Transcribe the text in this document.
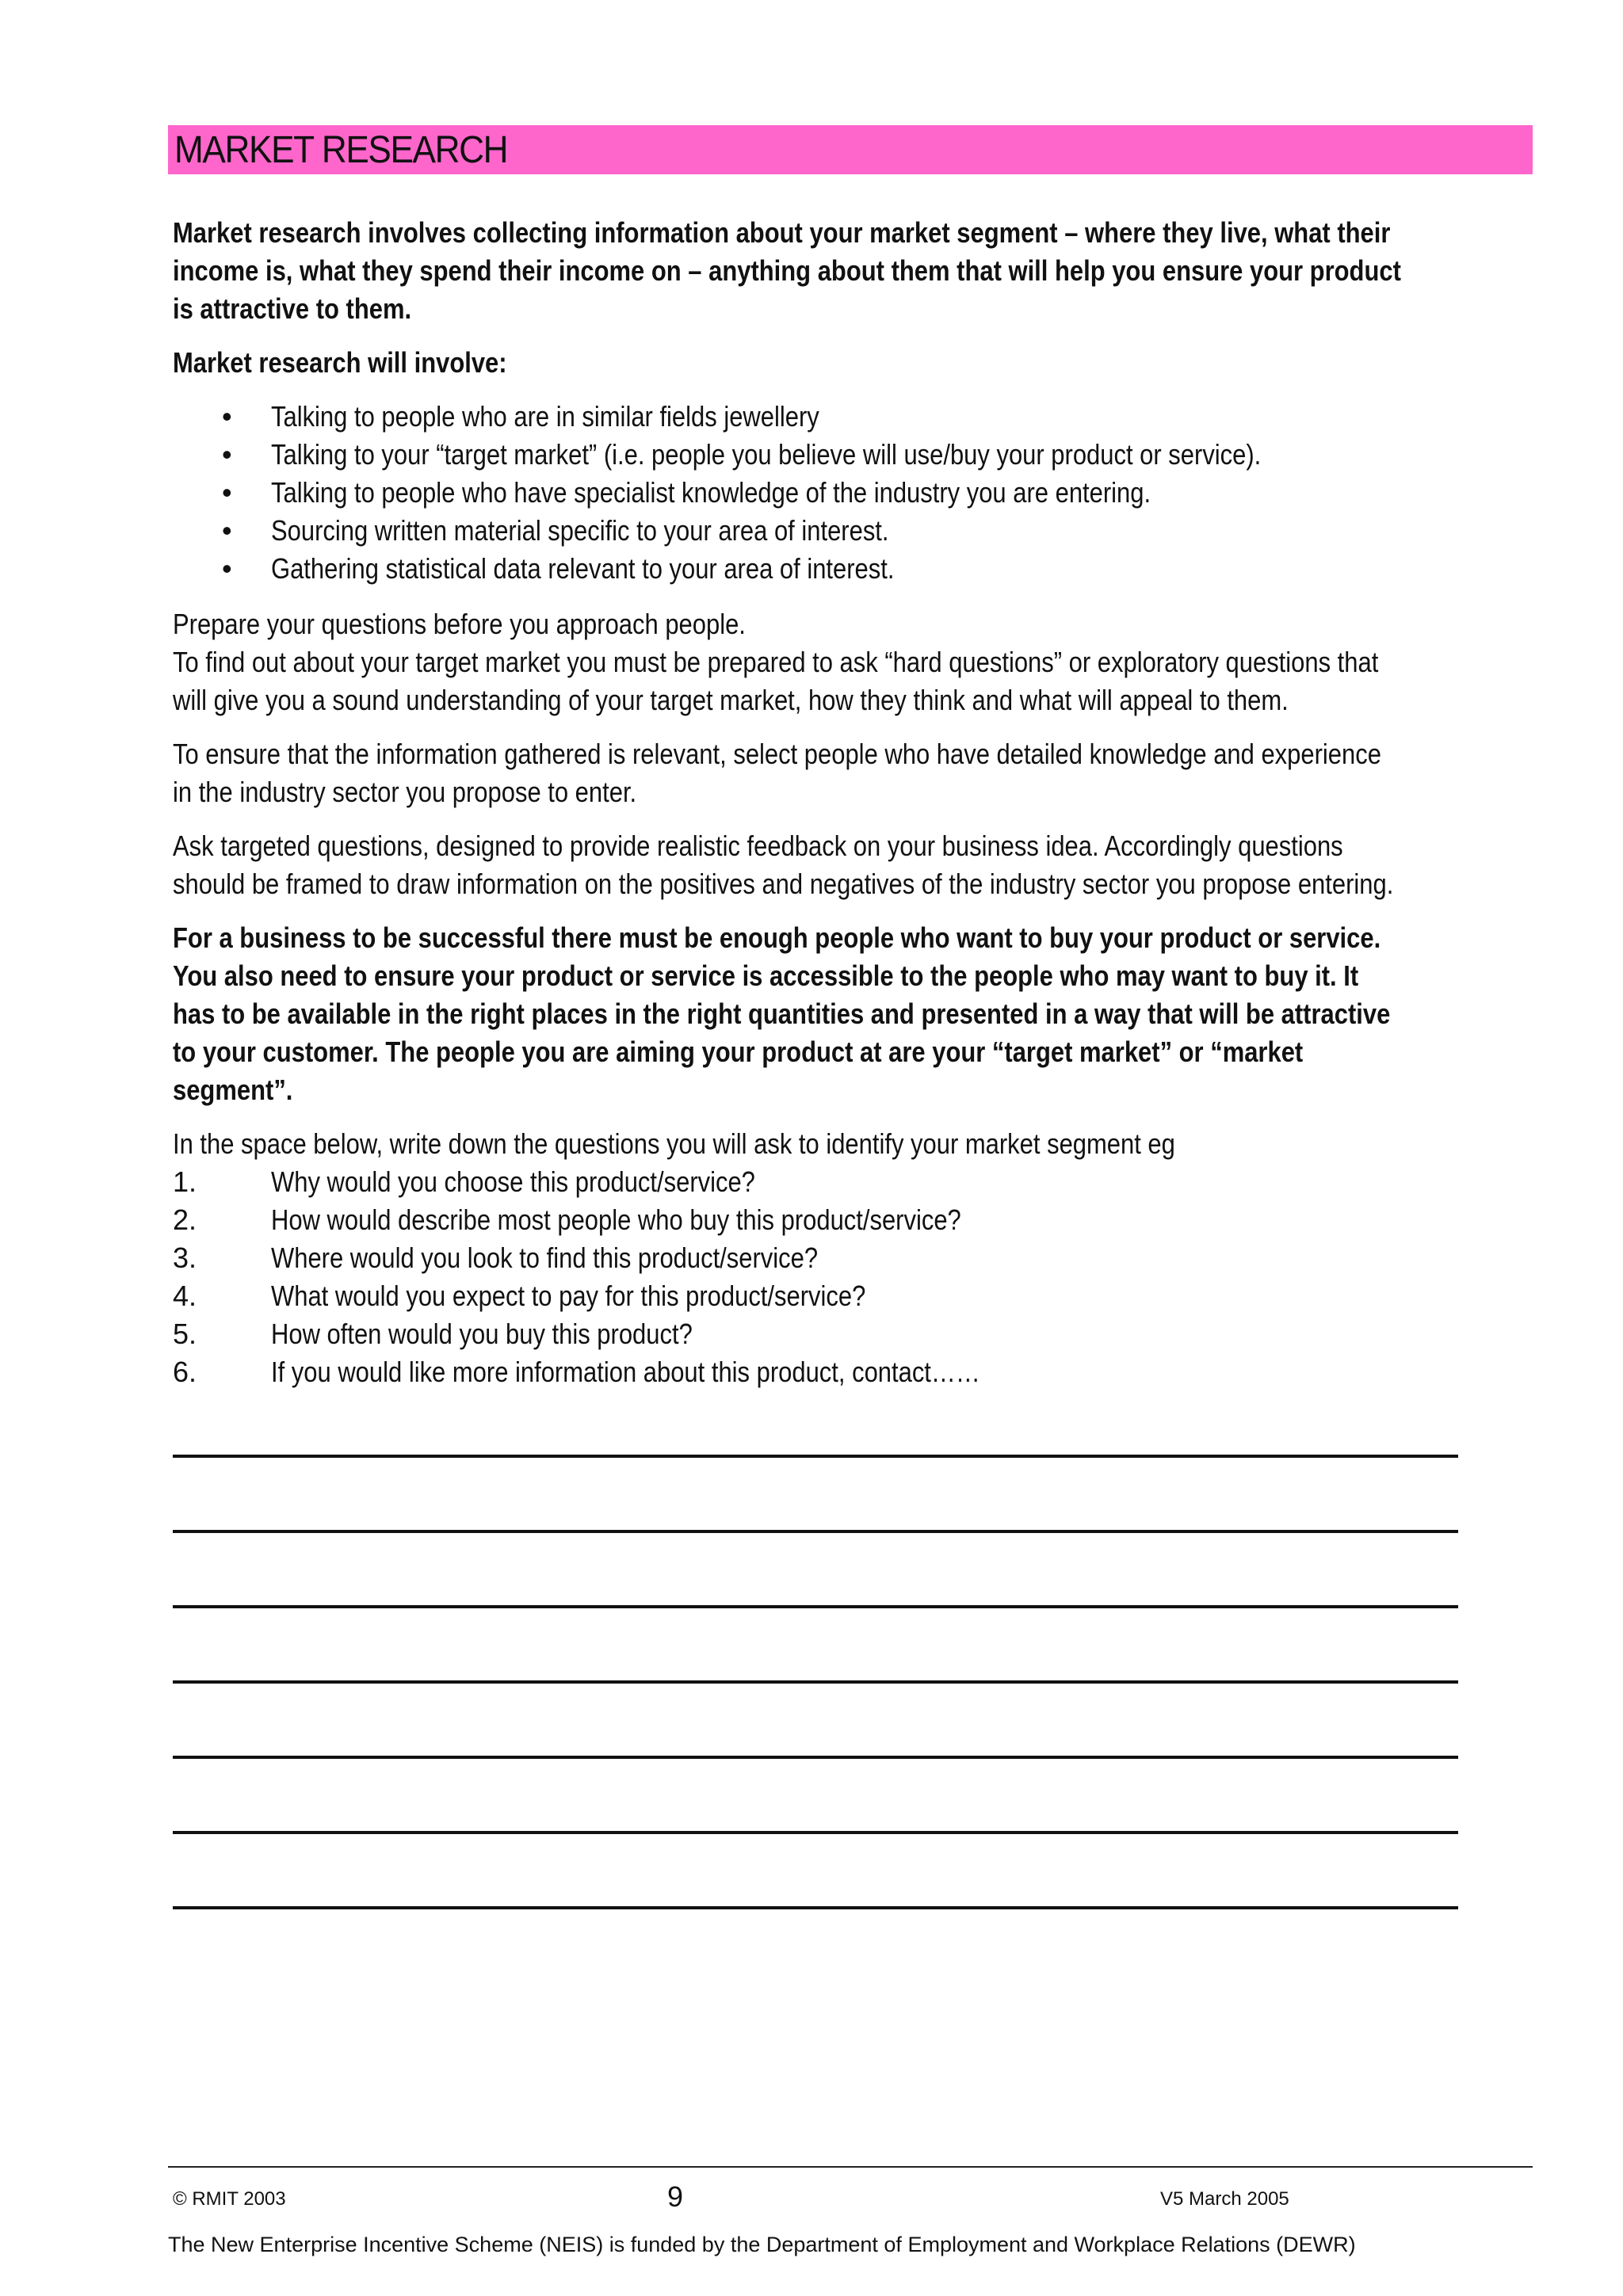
MARKET RESEARCH

Market research involves collecting information about your market segment – where they live, what their
income is, what they spend their income on – anything about them that will help you ensure your product
is attractive to them.

Market research will involve:

• Talking to people who are in similar fields jewellery
• Talking to your “target market” (i.e. people you believe will use/buy your product or service).
• Talking to people who have specialist knowledge of the industry you are entering.
• Sourcing written material specific to your area of interest.
• Gathering statistical data relevant to your area of interest.

Prepare your questions before you approach people.
To find out about your target market you must be prepared to ask “hard questions” or exploratory questions that
will give you a sound understanding of your target market, how they think and what will appeal to them.

To ensure that the information gathered is relevant, select people who have detailed knowledge and experience
in the industry sector you propose to enter.

Ask targeted questions, designed to provide realistic feedback on your business idea. Accordingly questions
should be framed to draw information on the positives and negatives of the industry sector you propose entering.

For a business to be successful there must be enough people who want to buy your product or service.
You also need to ensure your product or service is accessible to the people who may want to buy it. It
has to be available in the right places in the right quantities and presented in a way that will be attractive
to your customer. The people you are aiming your product at are your “target market” or “market
segment”.

In the space below, write down the questions you will ask to identify your market segment eg
1.	Why would you choose this product/service?
2.	How would describe most people who buy this product/service?
3.	Where would you look to find this product/service?
4.	What would you expect to pay for this product/service?
5.	How often would you buy this product?
6.	If you would like more information about this product, contact……
© RMIT 2003	9	V5 March 2005
The New Enterprise Incentive Scheme (NEIS) is funded by the Department of Employment and Workplace Relations (DEWR)
